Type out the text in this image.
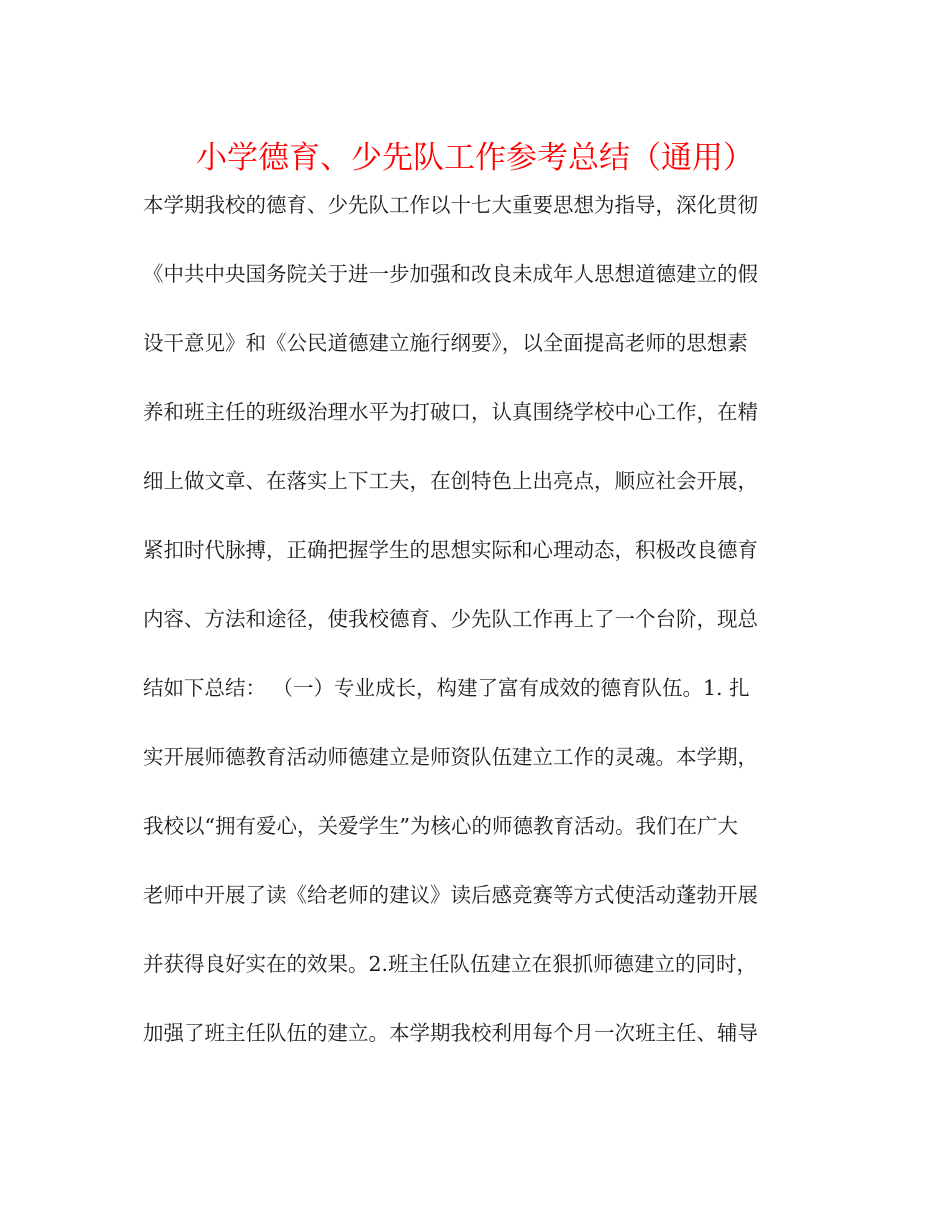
小学德育、少先队工作参考总结（通用）
本学期我校的德育、少先队工作以十七大重要思想为指导，深化贯彻
《中共中央国务院关于进一步加强和改良未成年人思想道德建立的假
设干意见》和《公民道德建立施行纲要》，以全面提高老师的思想素
养和班主任的班级治理水平为打破口，认真围绕学校中心工作，在精
细上做文章、在落实上下工夫，在创特色上出亮点，顺应社会开展，
紧扣时代脉搏，正确把握学生的思想实际和心理动态，积极改良德育
内容、方法和途径，使我校德育、少先队工作再上了一个台阶，现总
结如下总结： （一）专业成长，构建了富有成效的德育队伍。1. 扎
实开展师德教育活动师德建立是师资队伍建立工作的灵魂。本学期，
我校以“拥有爱心，关爱学生”为核心的师德教育活动。我们在广大
老师中开展了读《给老师的建议》读后感竞赛等方式使活动蓬勃开展
并获得良好实在的效果。2.班主任队伍建立在狠抓师德建立的同时，
加强了班主任队伍的建立。本学期我校利用每个月一次班主任、辅导
